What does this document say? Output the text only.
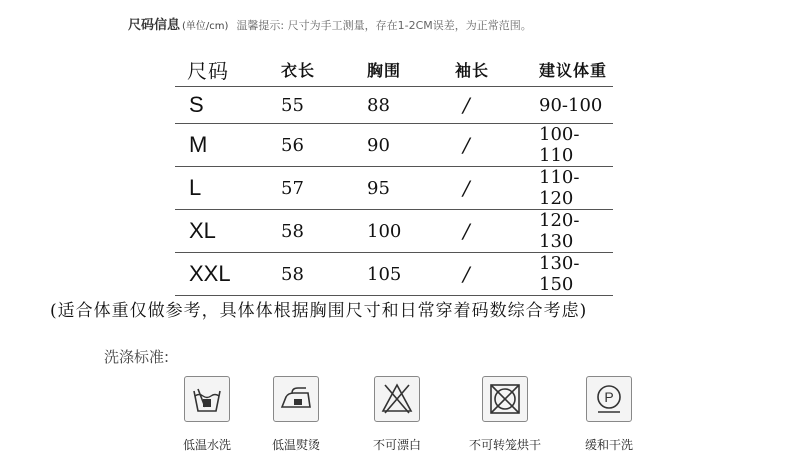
尺码信息 (单位/cm) 温馨提示: 尺寸为手工测量，存在1-2CM误差，为正常范围。
尺码	衣长	胸围	袖长	建议体重
S	55	88	/	90-100
M	56	90	/	100-110
L	57	95	/	110-120
XL	58	100	/	120-130
XXL	58	105	/	130-150
(适合体重仅做参考，具体体根据胸围尺寸和日常穿着码数综合考虑)
洗涤标准:
低温水洗	低温熨烫	不可漂白	不可转笼烘干
P
缓和干洗
